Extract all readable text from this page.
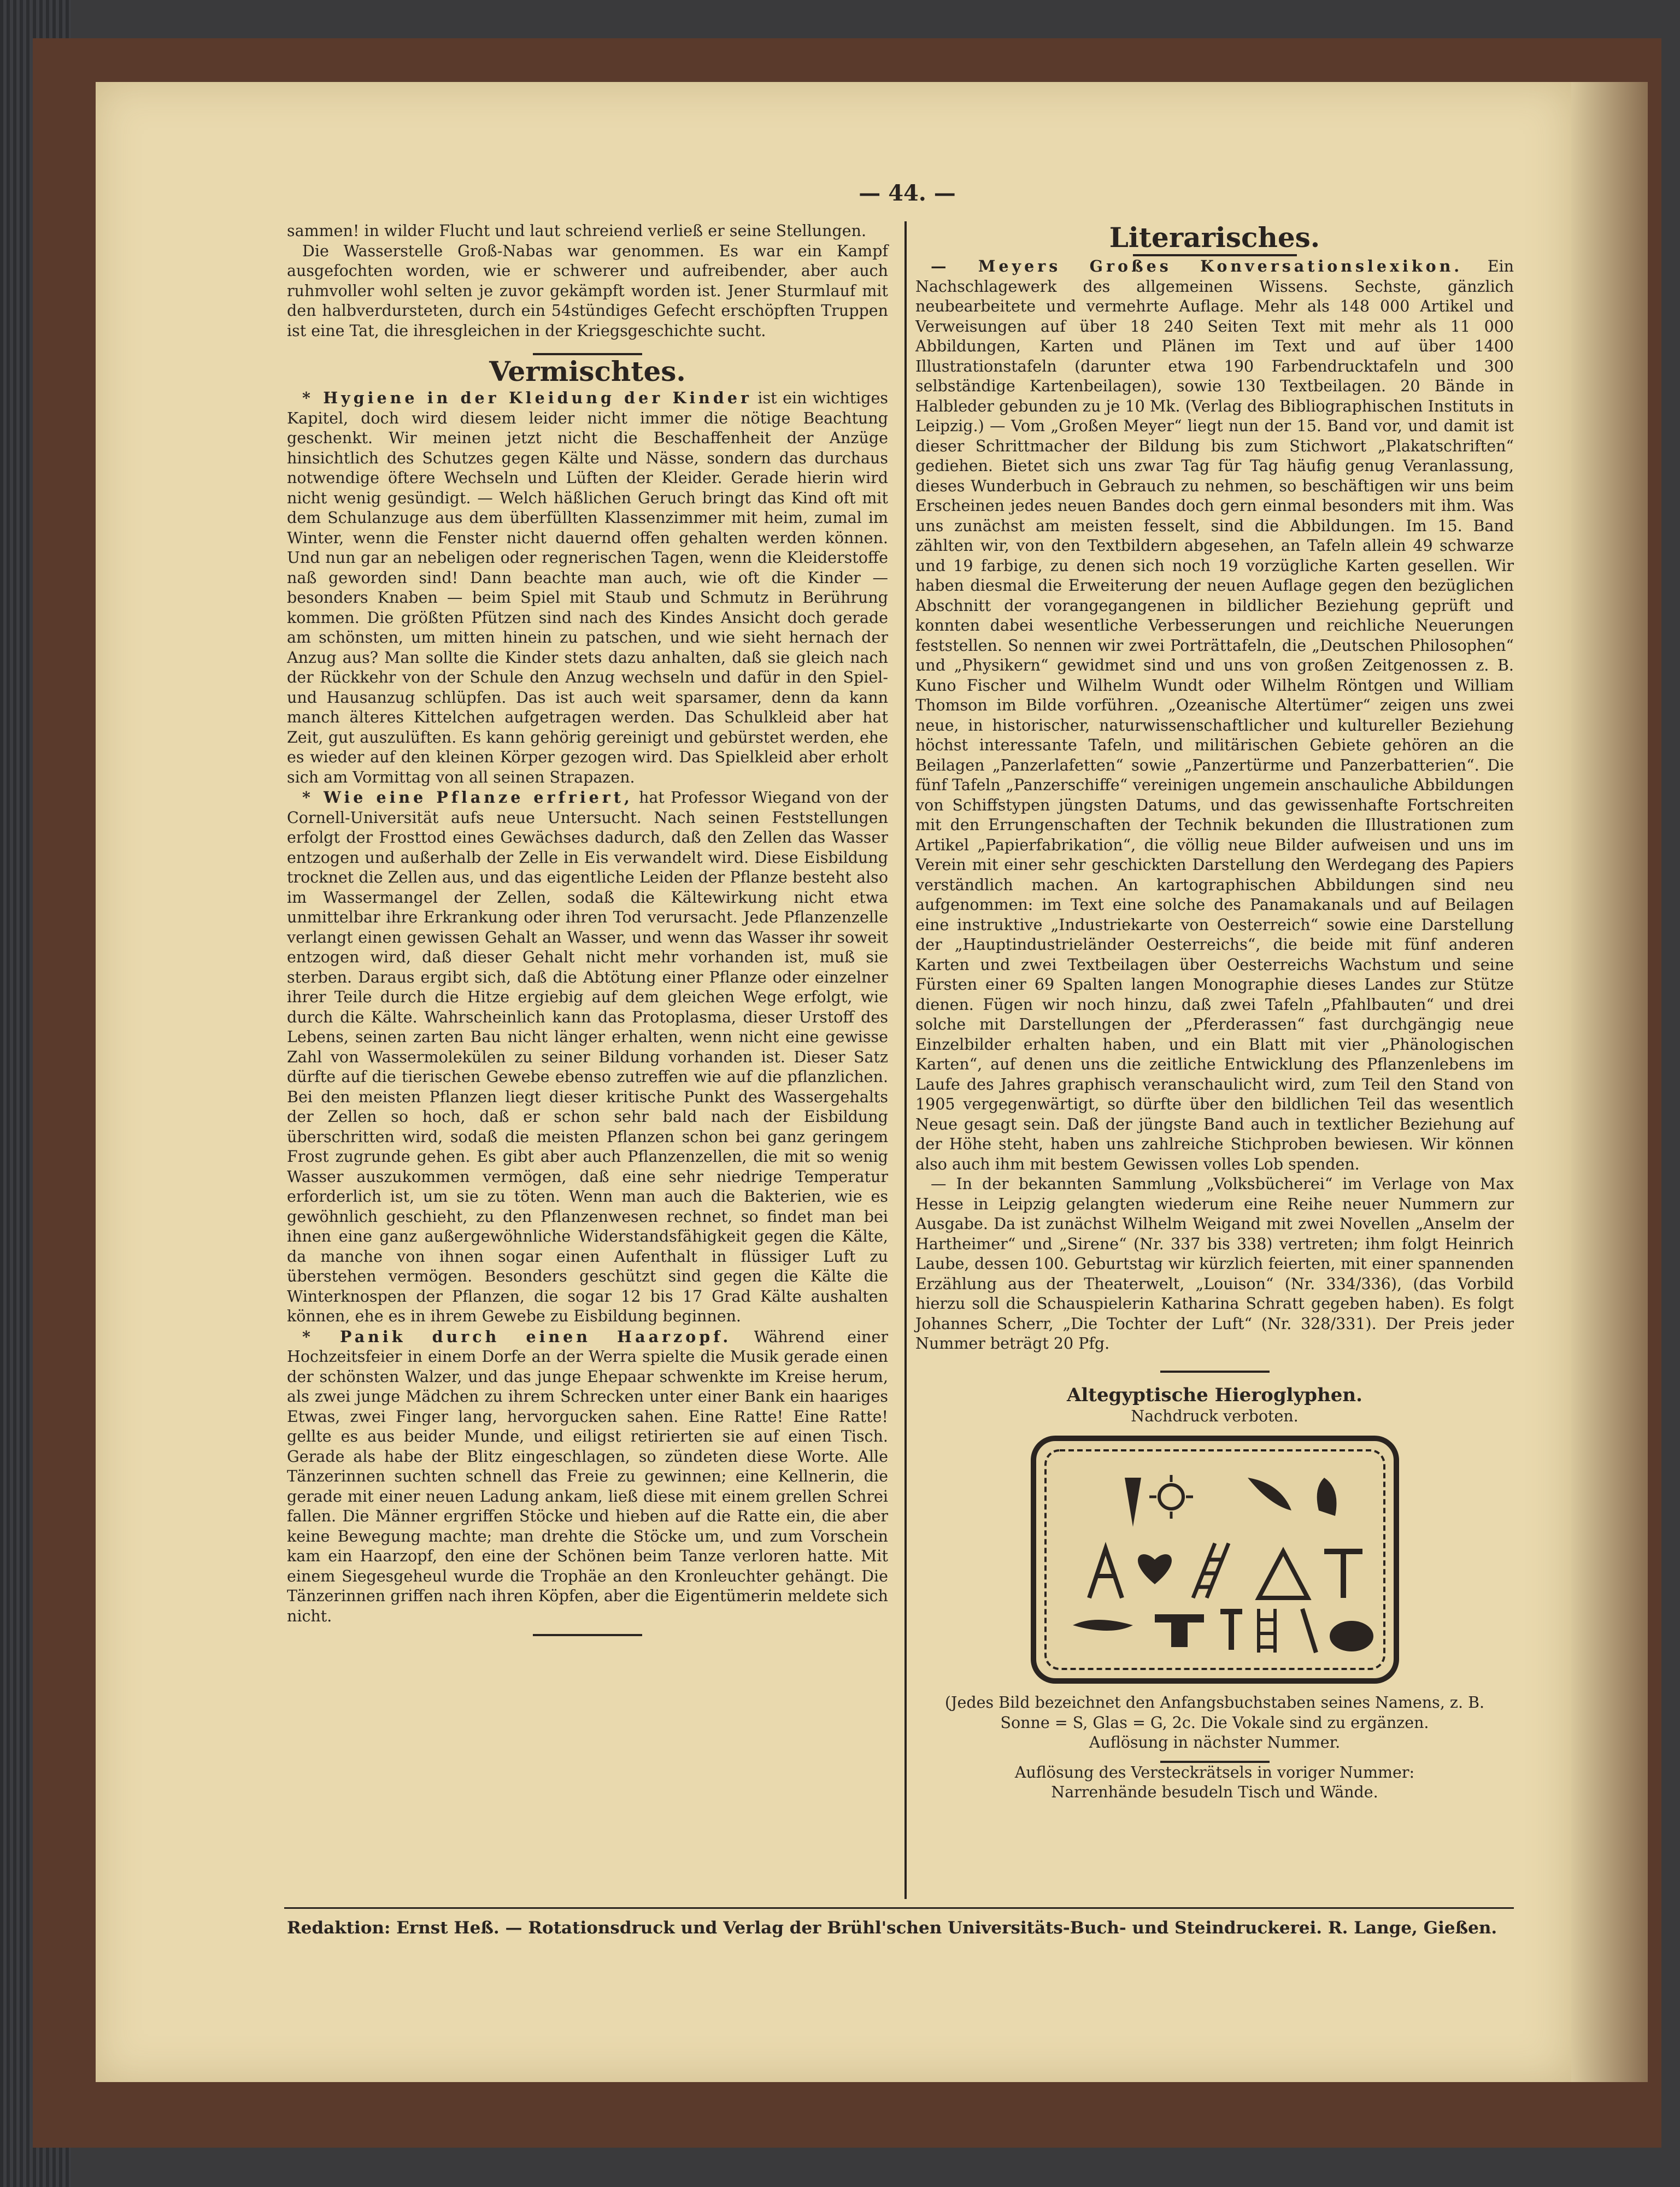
— 44. —

sammen! in wilder Flucht und laut schreiend verließ er seine Stellungen.

Die Wasserstelle Groß-Nabas war genommen. Es war ein Kampf ausgefochten worden, wie er schwerer und aufreibender, aber auch ruhmvoller wohl selten je zuvor gekämpft worden ist. Jener Sturmlauf mit den halbverdursteten, durch ein 54stündiges Gefecht erschöpften Truppen ist eine Tat, die ihresgleichen in der Kriegsgeschichte sucht.

Vermischtes.

* Hygiene in der Kleidung der Kinder ist ein wichtiges Kapitel, doch wird diesem leider nicht immer die nötige Beachtung geschenkt. Wir meinen jetzt nicht die Beschaffenheit der Anzüge hinsichtlich des Schutzes gegen Kälte und Nässe, sondern das durchaus notwendige öftere Wechseln und Lüften der Kleider. Gerade hierin wird nicht wenig gesündigt. — Welch häßlichen Geruch bringt das Kind oft mit dem Schulanzuge aus dem überfüllten Klassenzimmer mit heim, zumal im Winter, wenn die Fenster nicht dauernd offen gehalten werden können. Und nun gar an nebeligen oder regnerischen Tagen, wenn die Kleiderstoffe naß geworden sind! Dann beachte man auch, wie oft die Kinder — besonders Knaben — beim Spiel mit Staub und Schmutz in Berührung kommen. Die größten Pfützen sind nach des Kindes Ansicht doch gerade am schönsten, um mitten hinein zu patschen, und wie sieht hernach der Anzug aus? Man sollte die Kinder stets dazu anhalten, daß sie gleich nach der Rückkehr von der Schule den Anzug wechseln und dafür in den Spiel- und Hausanzug schlüpfen. Das ist auch weit sparsamer, denn da kann manch älteres Kittelchen aufgetragen werden. Das Schulkleid aber hat Zeit, gut auszulüften. Es kann gehörig gereinigt und gebürstet werden, ehe es wieder auf den kleinen Körper gezogen wird. Das Spielkleid aber erholt sich am Vormittag von all seinen Strapazen.

* Wie eine Pflanze erfriert, hat Professor Wiegand von der Cornell-Universität aufs neue Untersucht. Nach seinen Feststellungen erfolgt der Frosttod eines Gewächses dadurch, daß den Zellen das Wasser entzogen und außerhalb der Zelle in Eis verwandelt wird. Diese Eisbildung trocknet die Zellen aus, und das eigentliche Leiden der Pflanze besteht also im Wassermangel der Zellen, sodaß die Kältewirkung nicht etwa unmittelbar ihre Erkrankung oder ihren Tod verursacht. Jede Pflanzenzelle verlangt einen gewissen Gehalt an Wasser, und wenn das Wasser ihr soweit entzogen wird, daß dieser Gehalt nicht mehr vorhanden ist, muß sie sterben. Daraus ergibt sich, daß die Abtötung einer Pflanze oder einzelner ihrer Teile durch die Hitze ergiebig auf dem gleichen Wege erfolgt, wie durch die Kälte. Wahrscheinlich kann das Protoplasma, dieser Urstoff des Lebens, seinen zarten Bau nicht länger erhalten, wenn nicht eine gewisse Zahl von Wassermolekülen zu seiner Bildung vorhanden ist. Dieser Satz dürfte auf die tierischen Gewebe ebenso zutreffen wie auf die pflanzlichen. Bei den meisten Pflanzen liegt dieser kritische Punkt des Wassergehalts der Zellen so hoch, daß er schon sehr bald nach der Eisbildung überschritten wird, sodaß die meisten Pflanzen schon bei ganz geringem Frost zugrunde gehen. Es gibt aber auch Pflanzenzellen, die mit so wenig Wasser auszukommen vermögen, daß eine sehr niedrige Temperatur erforderlich ist, um sie zu töten. Wenn man auch die Bakterien, wie es gewöhnlich geschieht, zu den Pflanzenwesen rechnet, so findet man bei ihnen eine ganz außergewöhnliche Widerstandsfähigkeit gegen die Kälte, da manche von ihnen sogar einen Aufenthalt in flüssiger Luft zu überstehen vermögen. Besonders geschützt sind gegen die Kälte die Winterknospen der Pflanzen, die sogar 12 bis 17 Grad Kälte aushalten können, ehe es in ihrem Gewebe zu Eisbildung beginnen.

* Panik durch einen Haarzopf. Während einer Hochzeitsfeier in einem Dorfe an der Werra spielte die Musik gerade einen der schönsten Walzer, und das junge Ehepaar schwenkte im Kreise herum, als zwei junge Mädchen zu ihrem Schrecken unter einer Bank ein haariges Etwas, zwei Finger lang, hervorgucken sahen. Eine Ratte! Eine Ratte! gellte es aus beider Munde, und eiligst retirierten sie auf einen Tisch. Gerade als habe der Blitz eingeschlagen, so zündeten diese Worte. Alle Tänzerinnen suchten schnell das Freie zu gewinnen; eine Kellnerin, die gerade mit einer neuen Ladung ankam, ließ diese mit einem grellen Schrei fallen. Die Männer ergriffen Stöcke und hieben auf die Ratte ein, die aber keine Bewegung machte; man drehte die Stöcke um, und zum Vorschein kam ein Haarzopf, den eine der Schönen beim Tanze verloren hatte. Mit einem Siegesgeheul wurde die Trophäe an den Kronleuchter gehängt. Die Tänzerinnen griffen nach ihren Köpfen, aber die Eigentümerin meldete sich nicht.

Literarisches.

— Meyers Großes Konversationslexikon. Ein Nachschlagewerk des allgemeinen Wissens. Sechste, gänzlich neubearbeitete und vermehrte Auflage. Mehr als 148 000 Artikel und Verweisungen auf über 18 240 Seiten Text mit mehr als 11 000 Abbildungen, Karten und Plänen im Text und auf über 1400 Illustrationstafeln (darunter etwa 190 Farbendrucktafeln und 300 selbständige Kartenbeilagen), sowie 130 Textbeilagen. 20 Bände in Halbleder gebunden zu je 10 Mk. (Verlag des Bibliographischen Instituts in Leipzig.) — Vom „Großen Meyer“ liegt nun der 15. Band vor, und damit ist dieser Schrittmacher der Bildung bis zum Stichwort „Plakatschriften“ gediehen. Bietet sich uns zwar Tag für Tag häufig genug Veranlassung, dieses Wunderbuch in Gebrauch zu nehmen, so beschäftigen wir uns beim Erscheinen jedes neuen Bandes doch gern einmal besonders mit ihm. Was uns zunächst am meisten fesselt, sind die Abbildungen. Im 15. Band zählten wir, von den Textbildern abgesehen, an Tafeln allein 49 schwarze und 19 farbige, zu denen sich noch 19 vorzügliche Karten gesellen. Wir haben diesmal die Erweiterung der neuen Auflage gegen den bezüglichen Abschnitt der vorangegangenen in bildlicher Beziehung geprüft und konnten dabei wesentliche Verbesserungen und reichliche Neuerungen feststellen. So nennen wir zwei Porträttafeln, die „Deutschen Philosophen“ und „Physikern“ gewidmet sind und uns von großen Zeitgenossen z. B. Kuno Fischer und Wilhelm Wundt oder Wilhelm Röntgen und William Thomson im Bilde vorführen. „Ozeanische Altertümer“ zeigen uns zwei neue, in historischer, naturwissenschaftlicher und kultureller Beziehung höchst interessante Tafeln, und militärischen Gebiete gehören an die Beilagen „Panzerlafetten“ sowie „Panzertürme und Panzerbatterien“. Die fünf Tafeln „Panzerschiffe“ vereinigen ungemein anschauliche Abbildungen von Schiffstypen jüngsten Datums, und das gewissenhafte Fortschreiten mit den Errungenschaften der Technik bekunden die Illustrationen zum Artikel „Papierfabrikation“, die völlig neue Bilder aufweisen und uns im Verein mit einer sehr geschickten Darstellung den Werdegang des Papiers verständlich machen. An kartographischen Abbildungen sind neu aufgenommen: im Text eine solche des Panamakanals und auf Beilagen eine instruktive „Industriekarte von Oesterreich“ sowie eine Darstellung der „Hauptindustrieländer Oesterreichs“, die beide mit fünf anderen Karten und zwei Textbeilagen über Oesterreichs Wachstum und seine Fürsten einer 69 Spalten langen Monographie dieses Landes zur Stütze dienen. Fügen wir noch hinzu, daß zwei Tafeln „Pfahlbauten“ und drei solche mit Darstellungen der „Pferderassen“ fast durchgängig neue Einzelbilder erhalten haben, und ein Blatt mit vier „Phänologischen Karten“, auf denen uns die zeitliche Entwicklung des Pflanzenlebens im Laufe des Jahres graphisch veranschaulicht wird, zum Teil den Stand von 1905 vergegenwärtigt, so dürfte über den bildlichen Teil das wesentlich Neue gesagt sein. Daß der jüngste Band auch in textlicher Beziehung auf der Höhe steht, haben uns zahlreiche Stichproben bewiesen. Wir können also auch ihm mit bestem Gewissen volles Lob spenden.

— In der bekannten Sammlung „Volksbücherei“ im Verlage von Max Hesse in Leipzig gelangten wiederum eine Reihe neuer Nummern zur Ausgabe. Da ist zunächst Wilhelm Weigand mit zwei Novellen „Anselm der Hartheimer“ und „Sirene“ (Nr. 337 bis 338) vertreten; ihm folgt Heinrich Laube, dessen 100. Geburtstag wir kürzlich feierten, mit einer spannenden Erzählung aus der Theaterwelt, „Louison“ (Nr. 334/336), (das Vorbild hierzu soll die Schauspielerin Katharina Schratt gegeben haben). Es folgt Johannes Scherr, „Die Tochter der Luft“ (Nr. 328/331). Der Preis jeder Nummer beträgt 20 Pfg.

Altegyptische Hieroglyphen.
Nachdruck verboten.

(Jedes Bild bezeichnet den Anfangsbuchstaben seines Namens, z. B.

Sonne = S, Glas = G, 2c. Die Vokale sind zu ergänzen.

Auflösung in nächster Nummer.

Auflösung des Versteckrätsels in voriger Nummer:

Narrenhände besudeln Tisch und Wände.

Redaktion: Ernst Heß. — Rotationsdruck und Verlag der Brühl'schen Universitäts-Buch- und Steindruckerei. R. Lange, Gießen.
